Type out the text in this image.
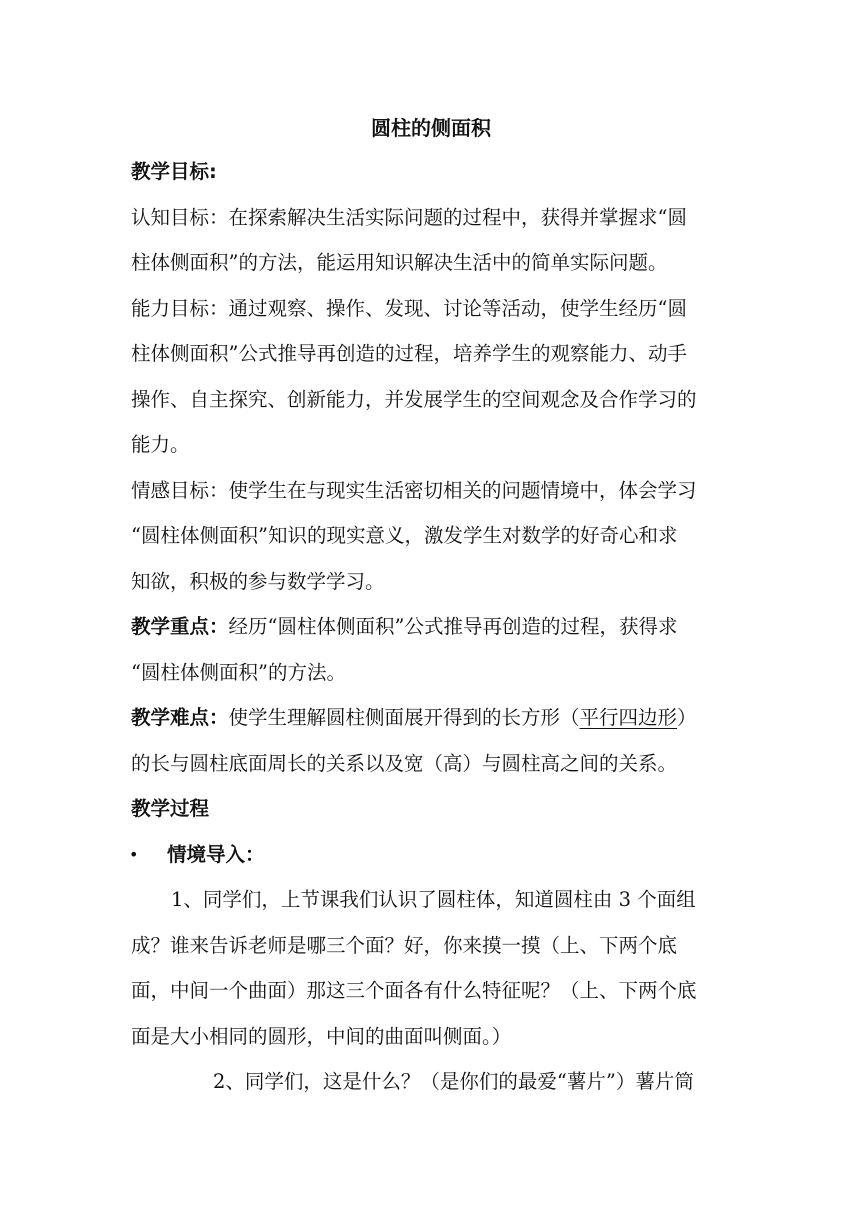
圆柱的侧面积
教学目标:
认知目标：在探索解决生活实际问题的过程中，获得并掌握求“圆
柱体侧面积”的方法，能运用知识解决生活中的简单实际问题。
能力目标：通过观察、操作、发现、讨论等活动，使学生经历“圆
柱体侧面积”公式推导再创造的过程，培养学生的观察能力、动手
操作、自主探究、创新能力，并发展学生的空间观念及合作学习的
能力。
情感目标：使学生在与现实生活密切相关的问题情境中，体会学习
“圆柱体侧面积”知识的现实意义，激发学生对数学的好奇心和求
知欲，积极的参与数学学习。
教学重点：经历“圆柱体侧面积”公式推导再创造的过程，获得求
“圆柱体侧面积”的方法。
教学难点：使学生理解圆柱侧面展开得到的长方形（平行四边形）
的长与圆柱底面周长的关系以及宽（高）与圆柱高之间的关系。
教学过程
• 情境导入：
1、同学们，上节课我们认识了圆柱体，知道圆柱由 3 个面组
成？谁来告诉老师是哪三个面？好，你来摸一摸（上、下两个底
面，中间一个曲面）那这三个面各有什么特征呢？（上、下两个底
面是大小相同的圆形，中间的曲面叫侧面。）
2、同学们，这是什么？（是你们的最爱“薯片”）薯片筒
